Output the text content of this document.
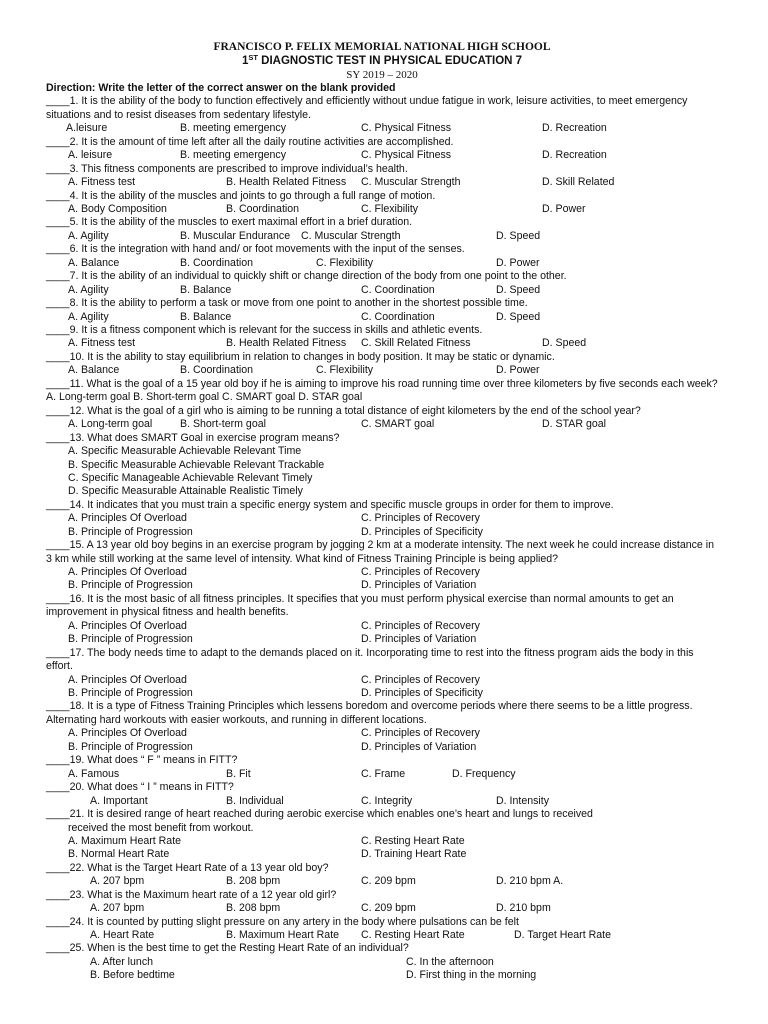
FRANCISCO P. FELIX MEMORIAL NATIONAL HIGH SCHOOL
1ST DIAGNOSTIC TEST IN PHYSICAL EDUCATION 7
SY 2019 – 2020
Direction: Write the letter of the correct answer on the blank provided
____1. It is the ability of the body to function effectively and efficiently without undue fatigue in work, leisure activities, to meet emergency situations and to resist diseases from sedentary lifestyle.
A.leisure	B. meeting emergency	C. Physical Fitness	D. Recreation
____2. It is the amount of time left after all the daily routine activities are accomplished.
A. leisure	B. meeting emergency	C. Physical Fitness	D. Recreation
____3. This fitness components are prescribed to improve individual’s health.
A. Fitness test	B. Health Related Fitness C. Muscular Strength	D. Skill Related
____4. It is the ability of the muscles and joints to go through a full range of motion.
A. Body Composition	B. Coordination	C. Flexibility	D. Power
____5. It is the ability of the muscles to exert maximal effort in a brief duration.
A. Agility	B. Muscular Endurance C. Muscular Strength	D. Speed
____6. It is the integration with hand and/ or foot movements with the input of the senses.
A. Balance	B. Coordination	C. Flexibility	D. Power
____7. It is the ability of an individual to quickly shift or change direction of the body from one point to the other.
A. Agility	B. Balance	C. Coordination	D. Speed
____8. It is the ability to perform a task or move from one point to another in the shortest possible time.
A. Agility	B. Balance	C. Coordination	D. Speed
____9. It is a fitness component which is relevant for the success in skills and athletic events.
A. Fitness test	B. Health Related Fitness C. Skill Related Fitness	D. Speed
____10. It is the ability to stay equilibrium in relation to changes in body position. It may be static or dynamic.
A. Balance	B. Coordination	C. Flexibility	D. Power
____11. What is the goal of a 15 year old boy if he is aiming to improve his road running time over three kilometers by five seconds each week? A. Long-term goal B. Short-term goal C. SMART goal D. STAR goal
____12. What is the goal of a girl who is aiming to be running a total distance of eight kilometers by the end of the school year?
A. Long-term goal	B. Short-term goal	C. SMART goal	D. STAR goal
____13. What does SMART Goal in exercise program means?
A. Specific Measurable Achievable Relevant Time
B. Specific Measurable Achievable Relevant Trackable
C. Specific Manageable Achievable Relevant Timely
D. Specific Measurable Attainable Realistic Timely
____14. It indicates that you must train a specific energy system and specific muscle groups in order for them to improve.
A. Principles Of Overload	C. Principles of Recovery
B. Principle of Progression	D. Principles of Specificity
____15. A 13 year old boy begins in an exercise program by jogging 2 km at a moderate intensity. The next week he could increase distance in 3 km while still working at the same level of intensity. What kind of Fitness Training Principle is being applied?
A. Principles Of Overload	C. Principles of Recovery
B. Principle of Progression	D. Principles of Variation
____16. It is the most basic of all fitness principles. It specifies that you must perform physical exercise than normal amounts to get an improvement in physical fitness and health benefits.
A. Principles Of Overload	C. Principles of Recovery
B. Principle of Progression	D. Principles of Variation
____17. The body needs time to adapt to the demands placed on it. Incorporating time to rest into the fitness program aids the body in this effort.
A. Principles Of Overload	C. Principles of Recovery
B. Principle of Progression	D. Principles of Specificity
____18. It is a type of Fitness Training Principles which lessens boredom and overcome periods where there seems to be a little progress. Alternating hard workouts with easier workouts, and running in different locations.
A. Principles Of Overload	C. Principles of Recovery
B. Principle of Progression	D. Principles of Variation
____19. What does “ F ” means in FITT?
A. Famous	B. Fit	C. Frame	D. Frequency
____20. What does “ I ” means in FITT?
A. Important	B. Individual	C. Integrity	D. Intensity
____21. It is desired range of heart reached during aerobic exercise which enables one’s heart and lungs to received
received the most benefit from workout.
A. Maximum Heart Rate	C. Resting Heart Rate
B. Normal Heart Rate	D. Training Heart Rate
____22. What is the Target Heart Rate of a 13 year old boy?
A. 207 bpm	B. 208 bpm	C. 209 bpm	D. 210 bpm A.
____23. What is the Maximum heart rate of a 12 year old girl?
A. 207 bpm	B. 208 bpm	C. 209 bpm	D. 210 bpm
____24. It is counted by putting slight pressure on any artery in the body where pulsations can be felt
A. Heart Rate	B. Maximum Heart Rate C. Resting Heart Rate	D. Target Heart Rate
____25. When is the best time to get the Resting Heart Rate of an individual?
A. After lunch	C. In the afternoon
B. Before bedtime	D. First thing in the morning
